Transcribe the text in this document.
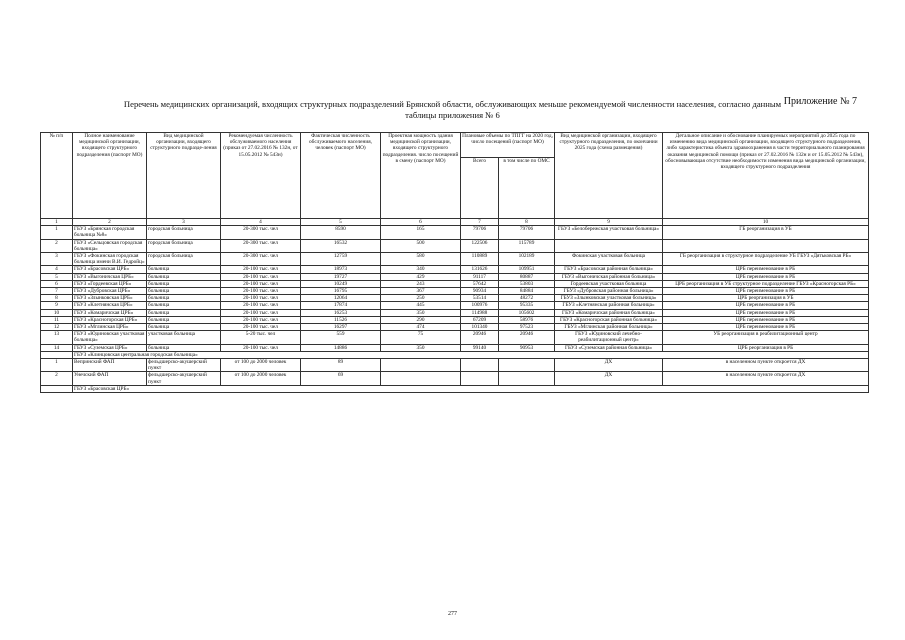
Приложение № 7
Перечень медицинских организаций, входящих структурных подразделений Брянской области, обслуживающих меньше рекомендуемой численности населения, согласно данным
таблицы приложения № 6
№ п/п	Полное наименование медицинской организации, входящего структурного подразделения (паспорт МО)	Вид медицинской организации, входящего структурного подразде-ления	Рекомендуемая численность обслуживаемого населения (приказ от 27.02.2016 № 132н, от 15.05.2012 № 543н)	Фактическая численность обслуживаемого населения, человек (паспорт МО)	Проектная мощность здания медицинской организации, входящего структурного подразделения. число посещений в смену (паспорт МО)	Плановые объемы по ТПГГ на 2020 год, число посещений (паспорт МО)		Вид медицинской организации, входящего структурного подразделения, по окончании 2025 года (схема размещения)	Детальное описание и обоснование планируемых мероприятий до 2025 года по изменению вида медицинской организации, входящего структурного подразделения, либо характеристика объекта здравоохранения в части территориального планирования оказания медицинской помощи (приказ от 27.02.2016 № 132н и от 15.05.2012 № 543н), обосновывающая отсутствие необходимости изменения вида медицинской организации, входящего структурного подразделения
						Всего	в том числе по ОМС		
1	2	3	4	5	6	7	8	9	10
1	ГБУЗ «Брянская городская больница №8»	городская больница	20-300 тыс. чел	8590	165	79706	79706	ГБУЗ «Белобережская участковая больница»	ГБ реорганизация в УБ
2	ГБУЗ «Сельцовская городская больница»	городская больница	20-300 тыс. чел	16532	500	122506	115789		
3	ГБУЗ «Фокинская городская больница имени В.И. Гедройц»	городская больница	20-300 тыс. чел	12759	580	110889	102189	Фокинская участковая больница	ГБ реорганизация в структурное подразделение УБ ГБУЗ «Дятьковская РБ»
4	ГБУЗ «Брасовская ЦРБ»	больница	20-100 тыс. чел	18973	340	131626	109951	ГБУЗ «Брасовская районная больница»	ЦРБ переименование в РБ
5	ГБУЗ «Выгоничская ЦРБ»	больница	20-100 тыс. чел	19727	429	91117	80887	ГБУЗ «Выгоничская районная больница»	ЦРБ переименование в РБ
6	ГБУЗ «Гордеевская ЦРБ»	больница	20-100 тыс. чел	10249	243	57642	53803	Гордеевская участковая больница	ЦРБ реорганизация в УБ структурное подразделение ГБУЗ «Красногорская РБ»
7	ГБУЗ «Дубровская ЦРБ»	больница	20-100 тыс. чел	16795	367	90934	84884	ГБУЗ «Дубровская районная больница»	ЦРБ переименование в РБ
8	ГБУЗ «Злынковская ЦРБ»	больница	20-100 тыс. чел	12064	250	53514	48272	ГБУЗ «Злынковская участковая больница»	ЦРБ реорганизация в УБ
9	ГБУЗ «Клетнянская ЦРБ»	больница	20-100 тыс. чел	17874	445	100976	95335	ГБУЗ «Клетнянская районная больница»	ЦРБ переименование в РБ
10	ГБУЗ «Комаричская ЦРБ»	больница	20-100 тыс. чел	16253	350	114988	105602	ГБУЗ «Комаричская районная больница»	ЦРБ переименование в РБ
11	ГБУЗ «Красногорская ЦРБ»	больница	20-100 тыс. чел	11526	290	67209	58976	ГБУЗ «Красногорская районная больница»	ЦРБ переименование в РБ
12	ГБУЗ «Мглинская ЦРБ»	больница	20-100 тыс. чел	16297	474	101340	97523	ГБУЗ «Мглинская районная больница»	ЦРБ переименование в РБ
13	ГБУЗ «Юдиновская участковая больница»	участковая больница	5-20 тыс. чел	559	75	20946	20946	ГБУЗ «Юдиновский лечебно-реабилитационный центр»	УБ реорганизация в реабилитационный центр
14	ГБУЗ «Суземская ЦРБ»	больница	20-100 тыс. чел	14886	350	99140	90953	ГБУЗ «Суземская районная больница»	ЦРБ реорганизация в РБ
	ГБУЗ «Клинцовская центральная городская больница»								
1	Вепринский ФАП	фельдшерско-акушерский пункт	от 100 до 2000 человек	89				ДХ	в населенном пункте откроется ДХ
2	Унечский ФАП	фельдшерско-акушерский пункт	от 100 до 2000 человек	69				ДХ	в населенном пункте откроется ДХ
	ГБУЗ «Брасовская ЦРБ»								
277
